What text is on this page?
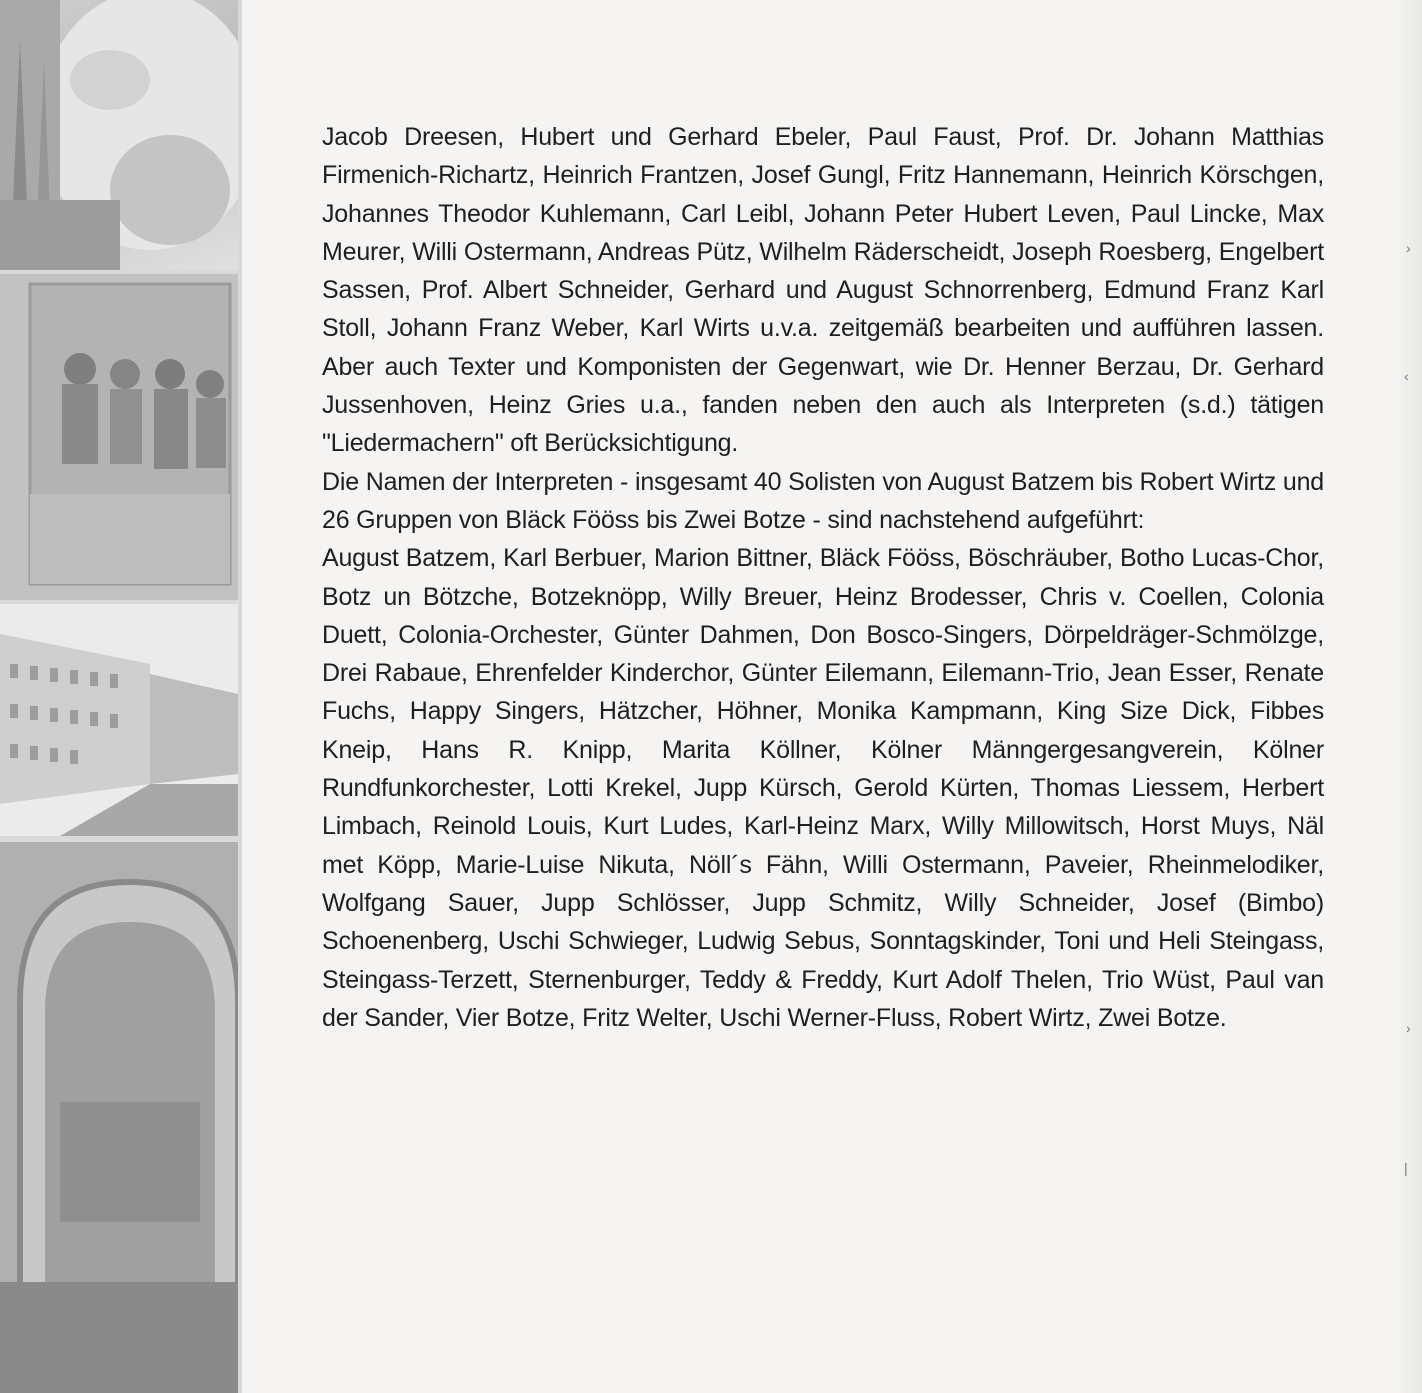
Jacob Dreesen, Hubert und Gerhard Ebeler, Paul Faust, Prof. Dr. Johann Matthias Firmenich-Richartz, Heinrich Frantzen, Josef Gungl, Fritz Hannemann, Heinrich Körschgen, Johannes Theodor Kuhlemann, Carl Leibl, Johann Peter Hubert Leven, Paul Lincke, Max Meurer, Willi Ostermann, Andreas Pütz, Wilhelm Räderscheidt, Joseph Roesberg, Engelbert Sassen, Prof. Albert Schneider, Gerhard und August Schnorrenberg, Edmund Franz Karl Stoll, Johann Franz Weber, Karl Wirts u.v.a. zeitgemäß bearbeiten und aufführen lassen. Aber auch Texter und Komponisten der Gegenwart, wie Dr. Henner Berzau, Dr. Gerhard Jussenhoven, Heinz Gries u.a., fanden neben den auch als Interpreten (s.d.) tätigen "Liedermachern" oft Berücksichtigung.

Die Namen der Interpreten - insgesamt 40 Solisten von August Batzem bis Robert Wirtz und 26 Gruppen von Bläck Fööss bis Zwei Botze - sind nachstehend aufgeführt:

August Batzem, Karl Berbuer, Marion Bittner, Bläck Fööss, Böschräuber, Botho Lucas-Chor, Botz un Bötzche, Botzeknöpp, Willy Breuer, Heinz Brodesser, Chris v. Coellen, Colonia Duett, Colonia-Orchester, Günter Dahmen, Don Bosco-Singers, Dörpeldräger-Schmölzge, Drei Rabaue, Ehrenfelder Kinderchor, Günter Eilemann, Eilemann-Trio, Jean Esser, Renate Fuchs, Happy Singers, Hätzcher, Höhner, Monika Kampmann, King Size Dick, Fibbes Kneip, Hans R. Knipp, Marita Köllner, Kölner Männgergesangverein, Kölner Rundfunkorchester, Lotti Krekel, Jupp Kürsch, Gerold Kürten, Thomas Liessem, Herbert Limbach, Reinold Louis, Kurt Ludes, Karl-Heinz Marx, Willy Millowitsch, Horst Muys, Näl met Köpp, Marie-Luise Nikuta, Nöll´s Fähn, Willi Ostermann, Paveier, Rheinmelodiker, Wolfgang Sauer, Jupp Schlösser, Jupp Schmitz, Willy Schneider, Josef (Bimbo) Schoenenberg, Uschi Schwieger, Ludwig Sebus, Sonntagskinder, Toni und Heli Steingass, Steingass-Terzett, Sternenburger, Teddy & Freddy, Kurt Adolf Thelen, Trio Wüst, Paul van der Sander, Vier Botze, Fritz Welter, Uschi Werner-Fluss, Robert Wirtz, Zwei Botze.

›
‹
›
|
